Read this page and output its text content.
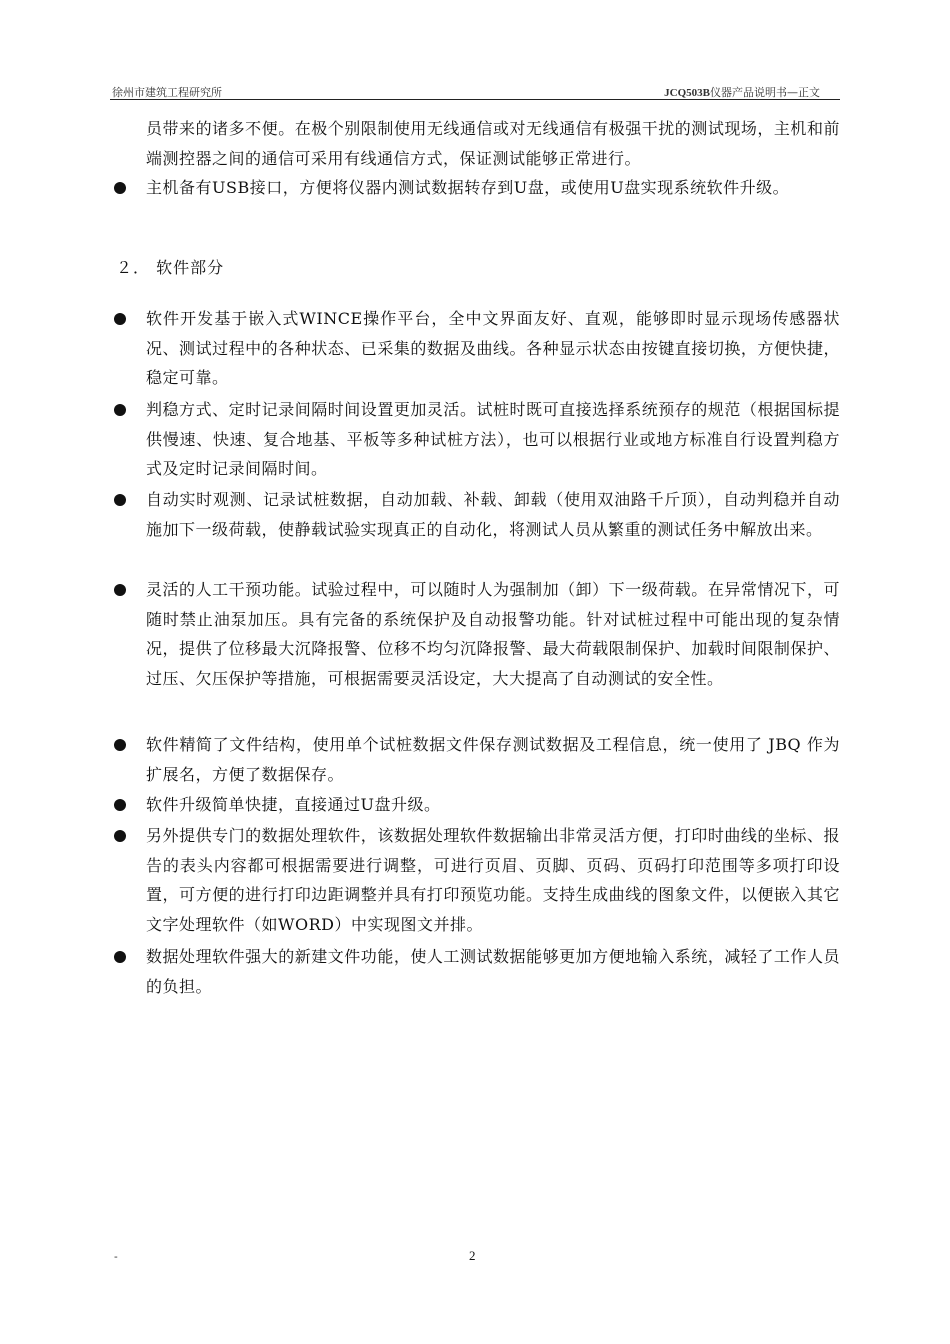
徐州市建筑工程研究所	JCQ503B仪器产品说明书—正文

员带来的诸多不便。在极个别限制使用无线通信或对无线通信有极强干扰的测试现场，主机和前端测控器之间的通信可采用有线通信方式，保证测试能够正常进行。

主机备有USB接口，方便将仪器内测试数据转存到U盘，或使用U盘实现系统软件升级。

２． 软件部分

软件开发基于嵌入式WINCE操作平台，全中文界面友好、直观，能够即时显示现场传感器状况、测试过程中的各种状态、已采集的数据及曲线。各种显示状态由按键直接切换，方便快捷，稳定可靠。

判稳方式、定时记录间隔时间设置更加灵活。试桩时既可直接选择系统预存的规范（根据国标提供慢速、快速、复合地基、平板等多种试桩方法），也可以根据行业或地方标准自行设置判稳方式及定时记录间隔时间。

自动实时观测、记录试桩数据，自动加载、补载、卸载（使用双油路千斤顶），自动判稳并自动施加下一级荷载，使静载试验实现真正的自动化，将测试人员从繁重的测试任务中解放出来。

灵活的人工干预功能。试验过程中，可以随时人为强制加（卸）下一级荷载。在异常情况下，可随时禁止油泵加压。具有完备的系统保护及自动报警功能。针对试桩过程中可能出现的复杂情况，提供了位移最大沉降报警、位移不均匀沉降报警、最大荷载限制保护、加载时间限制保护、过压、欠压保护等措施，可根据需要灵活设定，大大提高了自动测试的安全性。

软件精简了文件结构，使用单个试桩数据文件保存测试数据及工程信息，统一使用了 JBQ 作为扩展名，方便了数据保存。

软件升级简单快捷，直接通过U盘升级。

另外提供专门的数据处理软件，该数据处理软件数据输出非常灵活方便，打印时曲线的坐标、报告的表头内容都可根据需要进行调整，可进行页眉、页脚、页码、页码打印范围等多项打印设置，可方便的进行打印边距调整并具有打印预览功能。支持生成曲线的图象文件，以便嵌入其它文字处理软件（如WORD）中实现图文并排。

数据处理软件强大的新建文件功能，使人工测试数据能够更加方便地输入系统，减轻了工作人员的负担。

-	2
